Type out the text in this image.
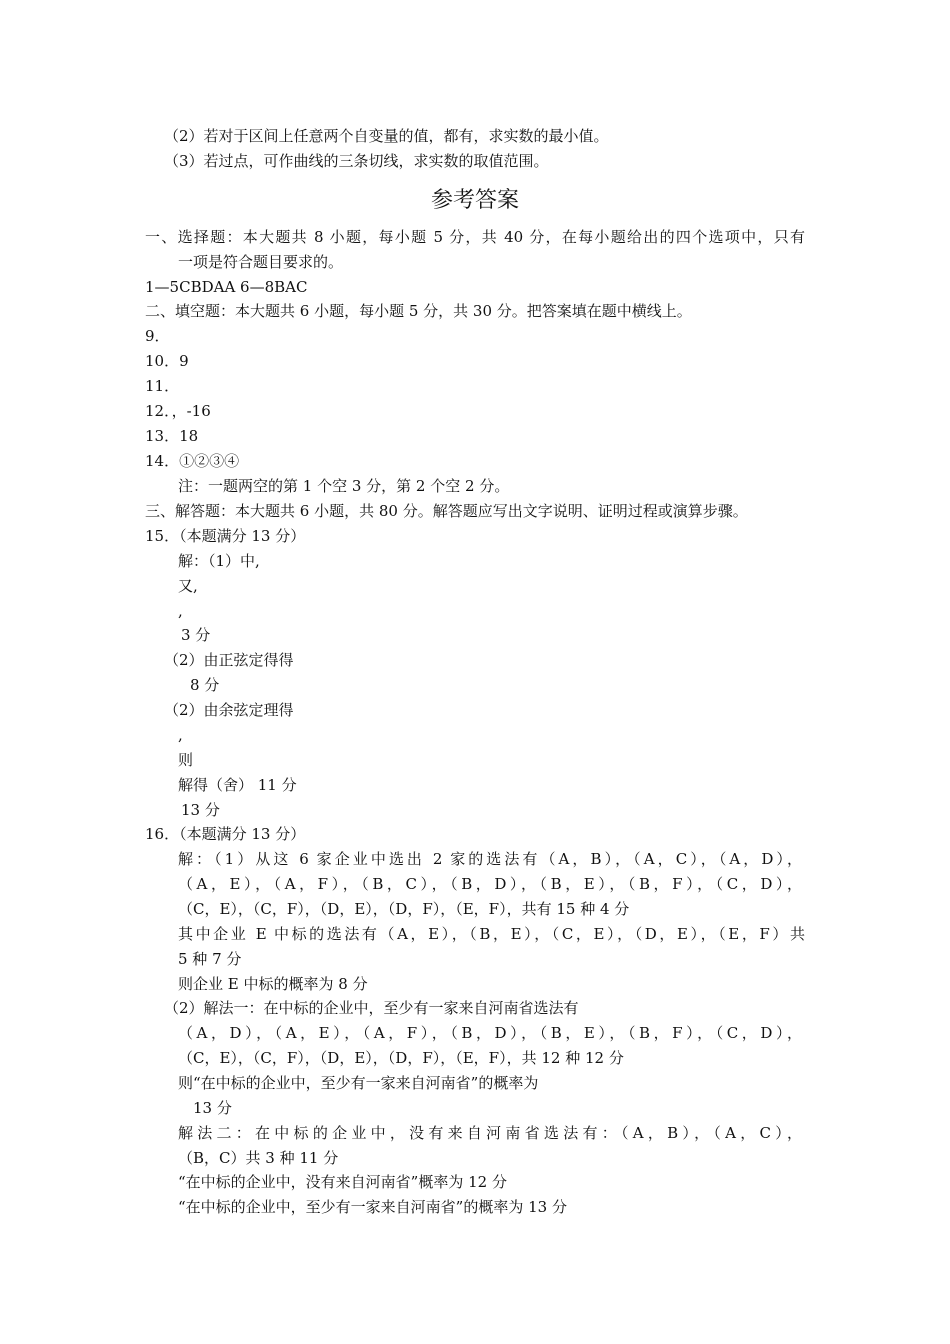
（2）若对于区间上任意两个自变量的值，都有，求实数的最小值。
（3）若过点，可作曲线的三条切线，求实数的取值范围。
参考答案
一、选择题：本大题共 8 小题，每小题 5 分，共 40 分，在每小题给出的四个选项中，只有
一项是符合题目要求的。
1—5CBDAA 6—8BAC
二、填空题：本大题共 6 小题，每小题 5 分，共 30 分。把答案填在题中横线上。
9．
10．9
11．
12．，-16
13．18
14．①②③④
注：一题两空的第 1 个空 3 分，第 2 个空 2 分。
三、解答题：本大题共 6 小题，共 80 分。解答题应写出文字说明、证明过程或演算步骤。
15．（本题满分 13 分）
解：（1）中,
又,
,
3 分
（2）由正弦定得得
8 分
（2）由余弦定理得
,
则
解得（舍） 11 分
13 分
16．（本题满分 13 分）
解：（1）从这 6 家企业中选出 2 家的选法有（A，B），（A，C），（A，D），
（A，E），（A，F），（B，C），（B，D），（B，E），（B，F），（C，D），
（C，E），（C，F），（D，E），（D，F），（E，F），共有 15 种 4 分
其中企业 E 中标的选法有（A，E），（B，E），（C，E），（D，E），（E，F）共
5 种 7 分
则企业 E 中标的概率为 8 分
（2）解法一：在中标的企业中，至少有一家来自河南省选法有
（A，D），（A，E），（A，F），（B，D），（B，E），（B，F），（C，D），
（C，E），（C，F），（D，E），（D，F），（E，F），共 12 种 12 分
则“在中标的企业中，至少有一家来自河南省”的概率为
13 分
解法二：在中标的企业中，没有来自河南省选法有：（A，B），（A，C），
（B，C）共 3 种 11 分
“在中标的企业中，没有来自河南省”概率为 12 分
“在中标的企业中，至少有一家来自河南省”的概率为 13 分
